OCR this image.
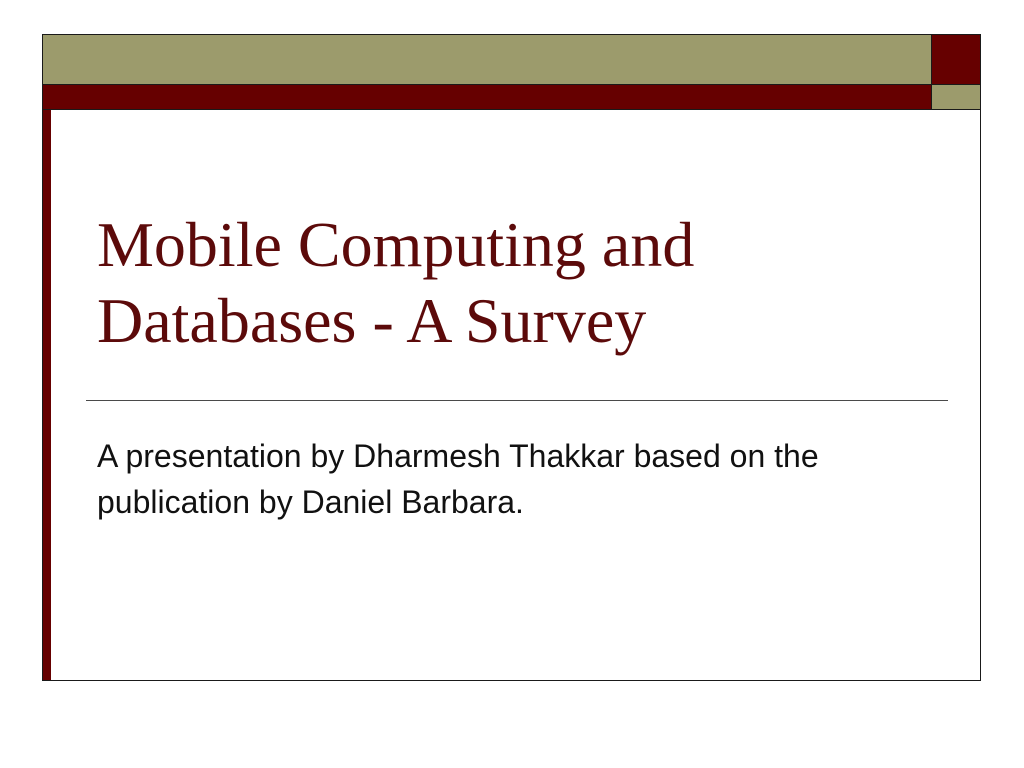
Mobile Computing and Databases - A Survey

A presentation by Dharmesh Thakkar based on the publication by Daniel Barbara.
